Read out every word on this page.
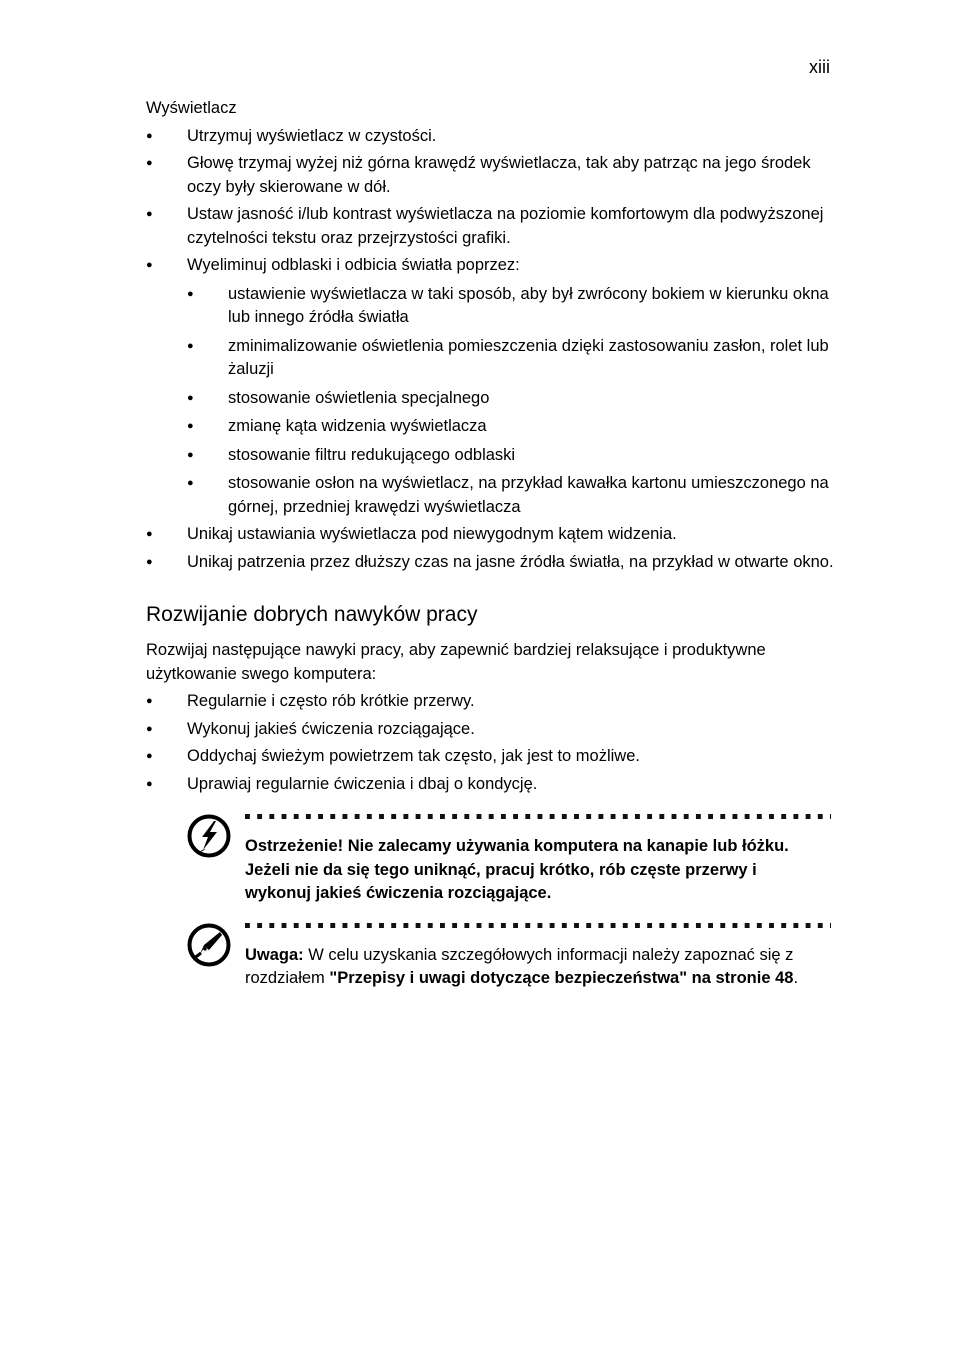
xiii

Wyświetlacz

● Utrzymuj wyświetlacz w czystości.
● Głowę trzymaj wyżej niż górna krawędź wyświetlacza, tak aby patrząc na jego środek oczy były skierowane w dół.
● Ustaw jasność i/lub kontrast wyświetlacza na poziomie komfortowym dla podwyższonej czytelności tekstu oraz przejrzystości grafiki.
● Wyeliminuj odblaski i odbicia światła poprzez:
● ustawienie wyświetlacza w taki sposób, aby był zwrócony bokiem w kierunku okna lub innego źródła światła
● zminimalizowanie oświetlenia pomieszczenia dzięki zastosowaniu zasłon, rolet lub żaluzji
● stosowanie oświetlenia specjalnego
● zmianę kąta widzenia wyświetlacza
● stosowanie filtru redukującego odblaski
● stosowanie osłon na wyświetlacz, na przykład kawałka kartonu umieszczonego na górnej, przedniej krawędzi wyświetlacza
● Unikaj ustawiania wyświetlacza pod niewygodnym kątem widzenia.
● Unikaj patrzenia przez dłuższy czas na jasne źródła światła, na przykład w otwarte okno.
Rozwijanie dobrych nawyków pracy

Rozwijaj następujące nawyki pracy, aby zapewnić bardziej relaksujące i produktywne użytkowanie swego komputera:

● Regularnie i często rób krótkie przerwy.
● Wykonuj jakieś ćwiczenia rozciągające.
● Oddychaj świeżym powietrzem tak często, jak jest to możliwe.
● Uprawiaj regularnie ćwiczenia i dbaj o kondycję.
Ostrzeżenie! Nie zalecamy używania komputera na kanapie lub łóżku. Jeżeli nie da się tego uniknąć, pracuj krótko, rób częste przerwy i wykonuj jakieś ćwiczenia rozciągające.
Uwaga: W celu uzyskania szczegółowych informacji należy zapoznać się z rozdziałem "Przepisy i uwagi dotyczące bezpieczeństwa" na stronie 48.
